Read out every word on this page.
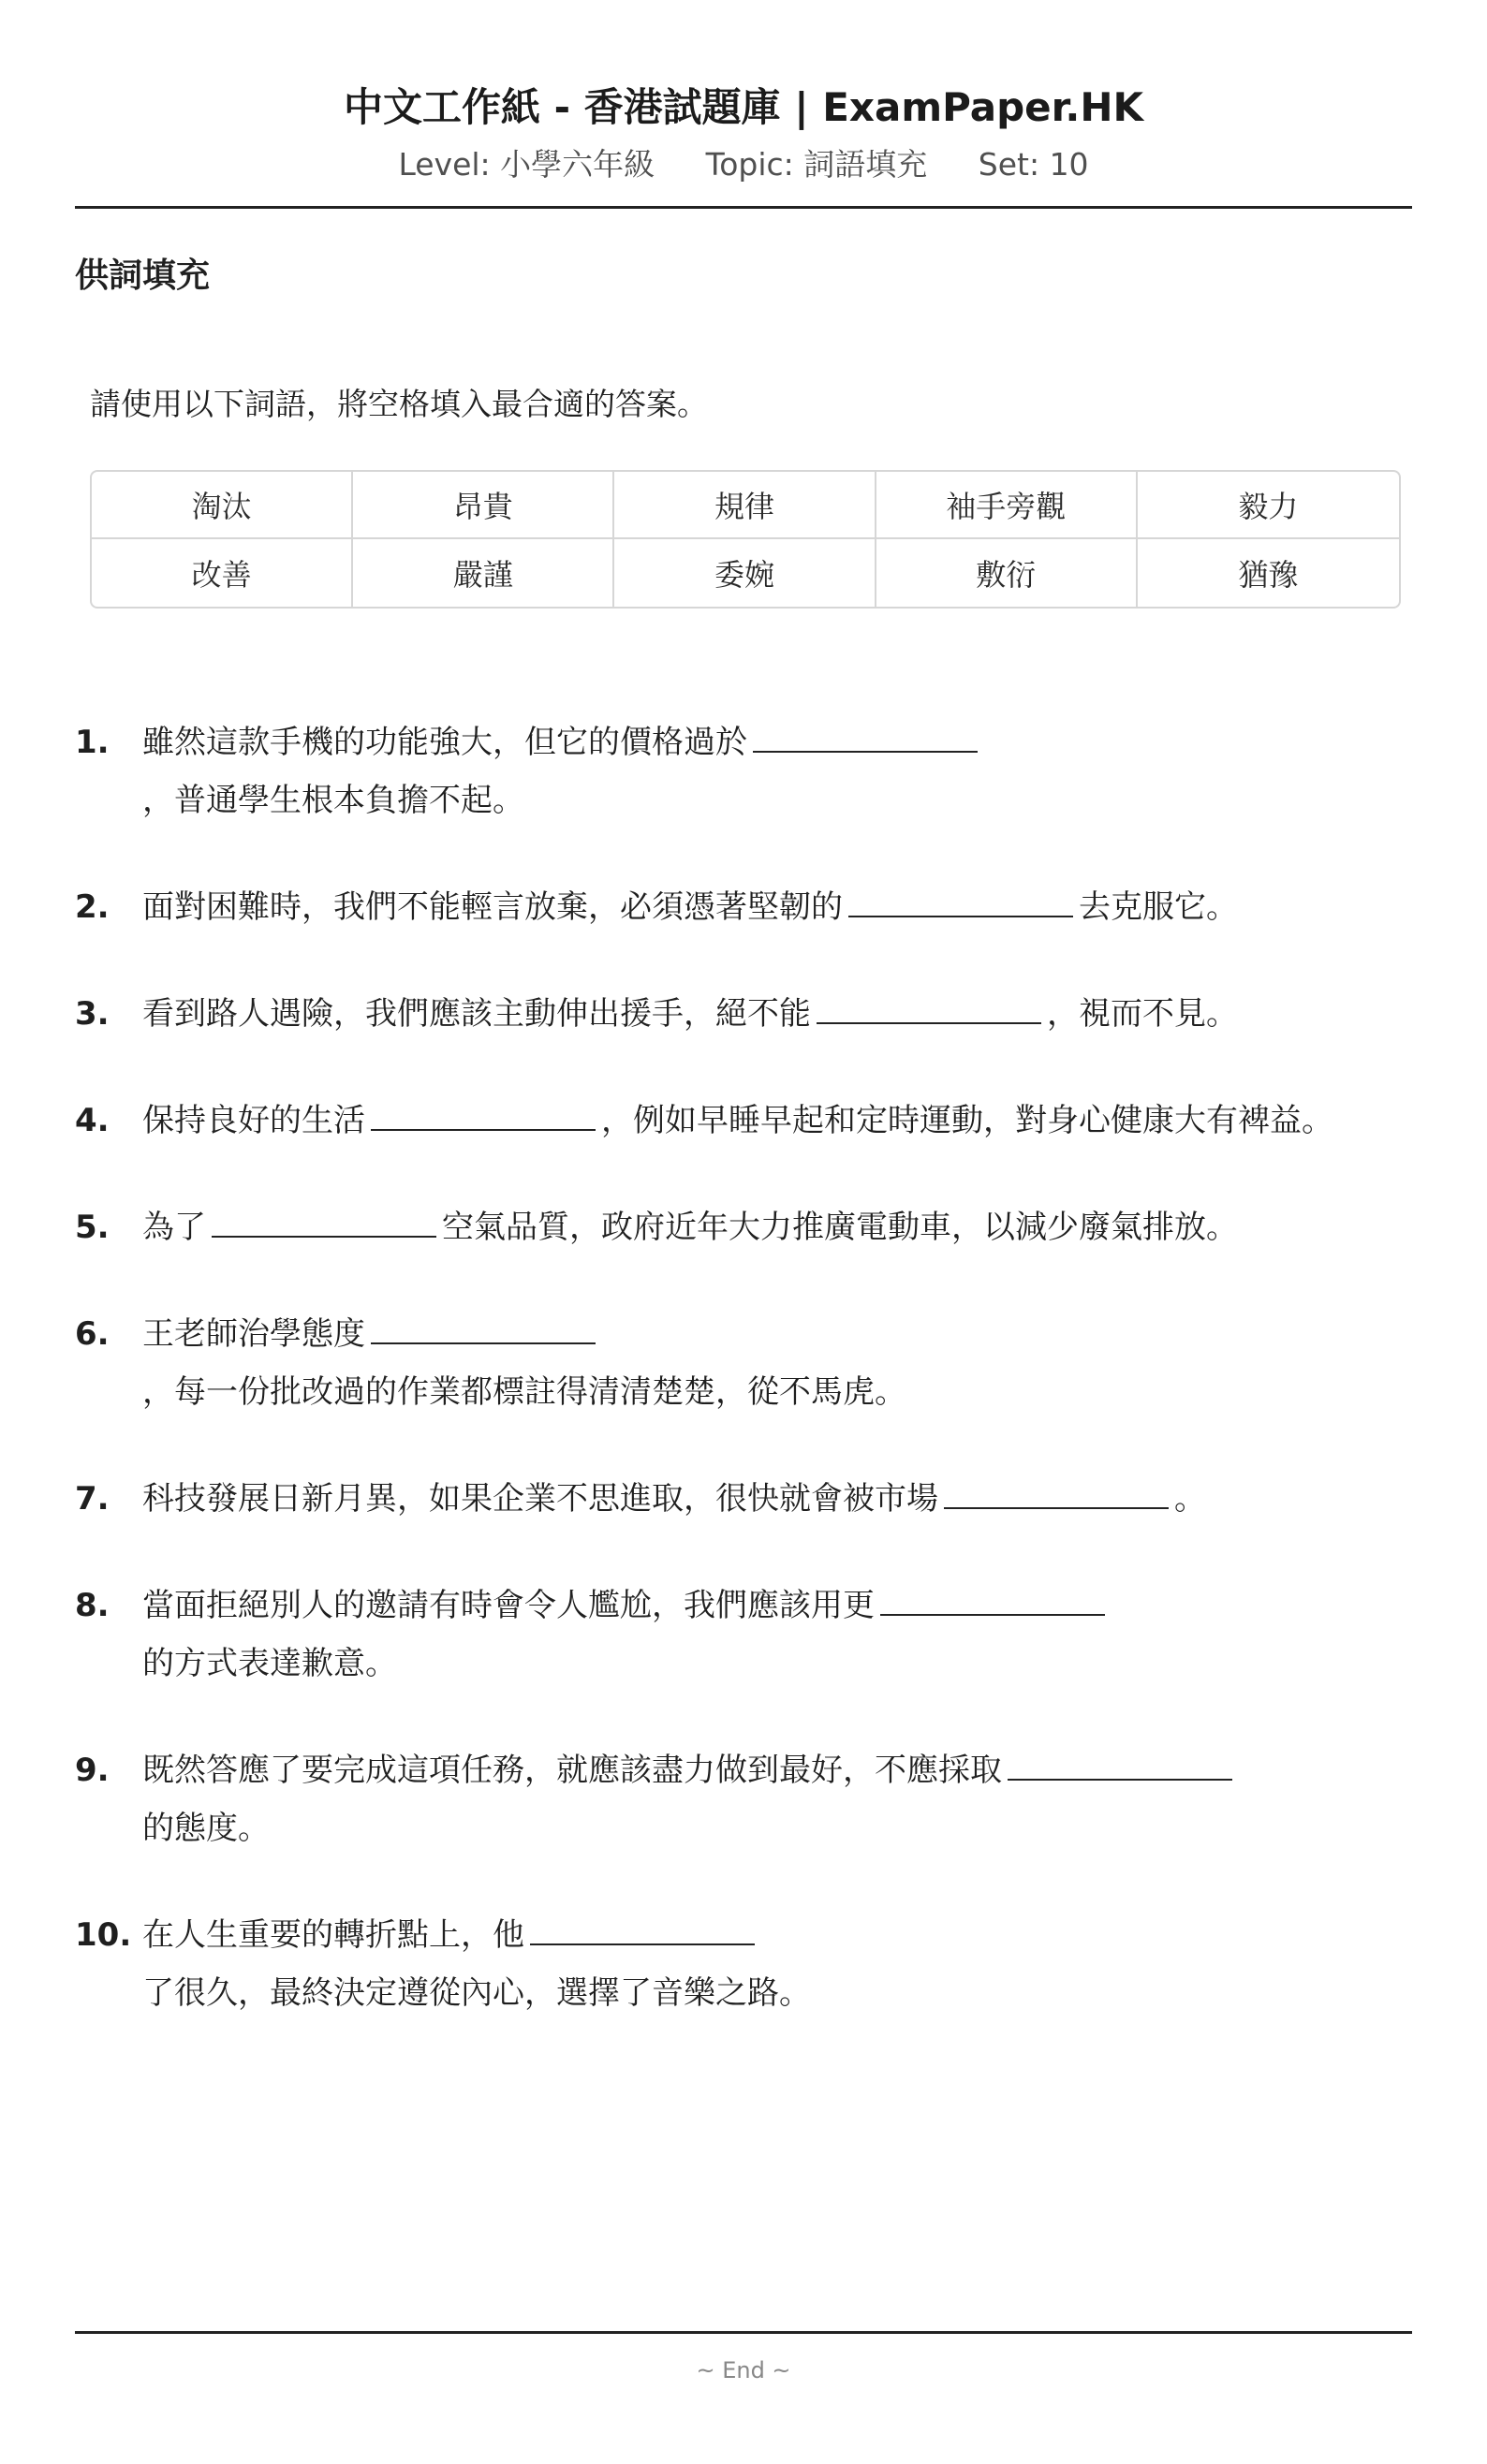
中文工作紙 - 香港試題庫 | ExamPaper.HK
Level: 小學六年級 Topic: 詞語填充 Set: 10
供詞填充
請使用以下詞語，將空格填入最合適的答案。
淘汰	昂貴	規律	袖手旁觀	毅力
改善	嚴謹	委婉	敷衍	猶豫
1. 雖然這款手機的功能強大，但它的價格過於
，普通學生根本負擔不起。
2. 面對困難時，我們不能輕言放棄，必須憑著堅韌的	去克服它。
3. 看到路人遇險，我們應該主動伸出援手，絕不能	，視而不見。
4. 保持良好的生活	，例如早睡早起和定時運動，對身心健康大有裨益。
5. 為了	空氣品質，政府近年大力推廣電動車，以減少廢氣排放。
6. 王老師治學態度
，每一份批改過的作業都標註得清清楚楚，從不馬虎。
7. 科技發展日新月異，如果企業不思進取，很快就會被市場	。
8. 當面拒絕別人的邀請有時會令人尷尬，我們應該用更
的方式表達歉意。
9. 既然答應了要完成這項任務，就應該盡力做到最好，不應採取
的態度。
10. 在人生重要的轉折點上，他
了很久，最終決定遵從內心，選擇了音樂之路。
~ End ~
